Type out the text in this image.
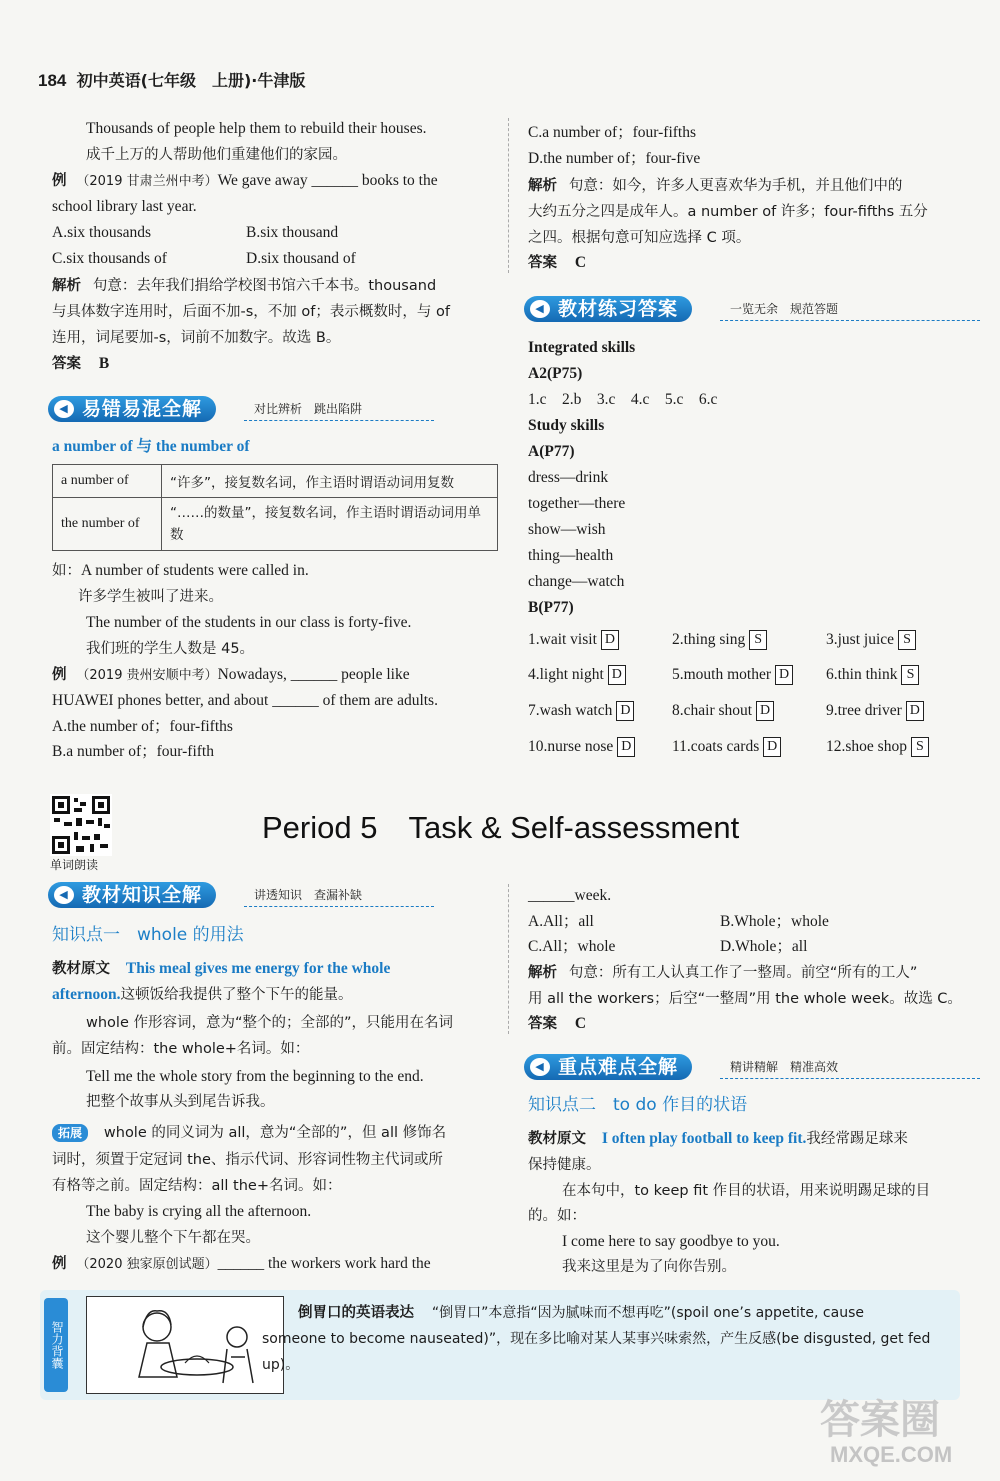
184 初中英语(七年级　上册)·牛津版
Thousands of people help them to rebuild their houses.
成千上万的人帮助他们重建他们的家园。
例 （2019 甘肃兰州中考）We gave away ______ books to the
school library last year.
A.six thousands	B.six thousand
C.six thousands of	D.six thousand of
解析 句意：去年我们捐给学校图书馆六千本书。thousand
与具体数字连用时，后面不加-s，不加 of；表示概数时，与 of
连用，词尾要加-s，词前不加数字。故选 B。
答案 B
◀ 易错易混全解	对比辨析　跳出陷阱
a number of 与 the number of
a number of	“许多”，接复数名词，作主语时谓语动词用复数
the number of	“……的数量”，接复数名词，作主语时谓语动词用单数
如：A number of students were called in.
许多学生被叫了进来。
The number of the students in our class is forty-five.
我们班的学生人数是 45。
例 （2019 贵州安顺中考）Nowadays, ______ people like
HUAWEI phones better, and about ______ of them are adults.
A.the number of；four-fifths
B.a number of；four-fifth
C.a number of；four-fifths
D.the number of；four-five
解析 句意：如今，许多人更喜欢华为手机，并且他们中的
大约五分之四是成年人。a number of 许多；four-fifths 五分
之四。根据句意可知应选择 C 项。
答案 C
◀ 教材练习答案	一览无余　规范答题
Integrated skills
A2(P75)
1.c　2.b　3.c　4.c　5.c　6.c
Study skills
A(P77)
dress—drink
together—there
show—wish
thing—health
change—watch
B(P77)
1.wait visit D	2.thing sing S	3.just juice S
4.light night D	5.mouth mother D 6.thin think S
7.wash watch D	8.chair shout D	9.tree driver D
10.nurse nose D	11.coats cards D	12.shoe shop S
单词朗读
Period 5　Task & Self-assessment
◀ 教材知识全解	讲透知识　查漏补缺
知识点一　whole 的用法
教材原文 This meal gives me energy for the whole
afternoon.这顿饭给我提供了整个下午的能量。
whole 作形容词，意为“整个的；全部的”，只能用在名词
前。固定结构：the whole+名词。如：
Tell me the whole story from the beginning to the end.
把整个故事从头到尾告诉我。
拓展 whole 的同义词为 all，意为“全部的”，但 all 修饰名
词时，须置于定冠词 the、指示代词、形容词性物主代词或所
有格等之前。固定结构：all the+名词。如：
The baby is crying all the afternoon.
这个婴儿整个下午都在哭。
例 （2020 独家原创试题）______ the workers work hard the
______week.
A.All；all	B.Whole；whole
C.All；whole	D.Whole；all
解析 句意：所有工人认真工作了一整周。前空“所有的工人”
用 all the workers；后空“一整周”用 the whole week。故选 C。
答案 C
◀ 重点难点全解	精讲精解　精准高效
知识点二　to do 作目的状语
教材原文 I often play football to keep fit.我经常踢足球来
保持健康。
在本句中，to keep fit 作目的状语，用来说明踢足球的目
的。如：
I come here to say goodbye to you.
我来这里是为了向你告别。
智力背囊
倒胃口的英语表达 “倒胃口”本意指“因为腻味而不想再吃”(spoil one’s appetite, cause
someone to become nauseated)”，现在多比喻对某人某事兴味索然，产生反感(be disgusted, get fed
up)。
答案圈
MXQE.COM
